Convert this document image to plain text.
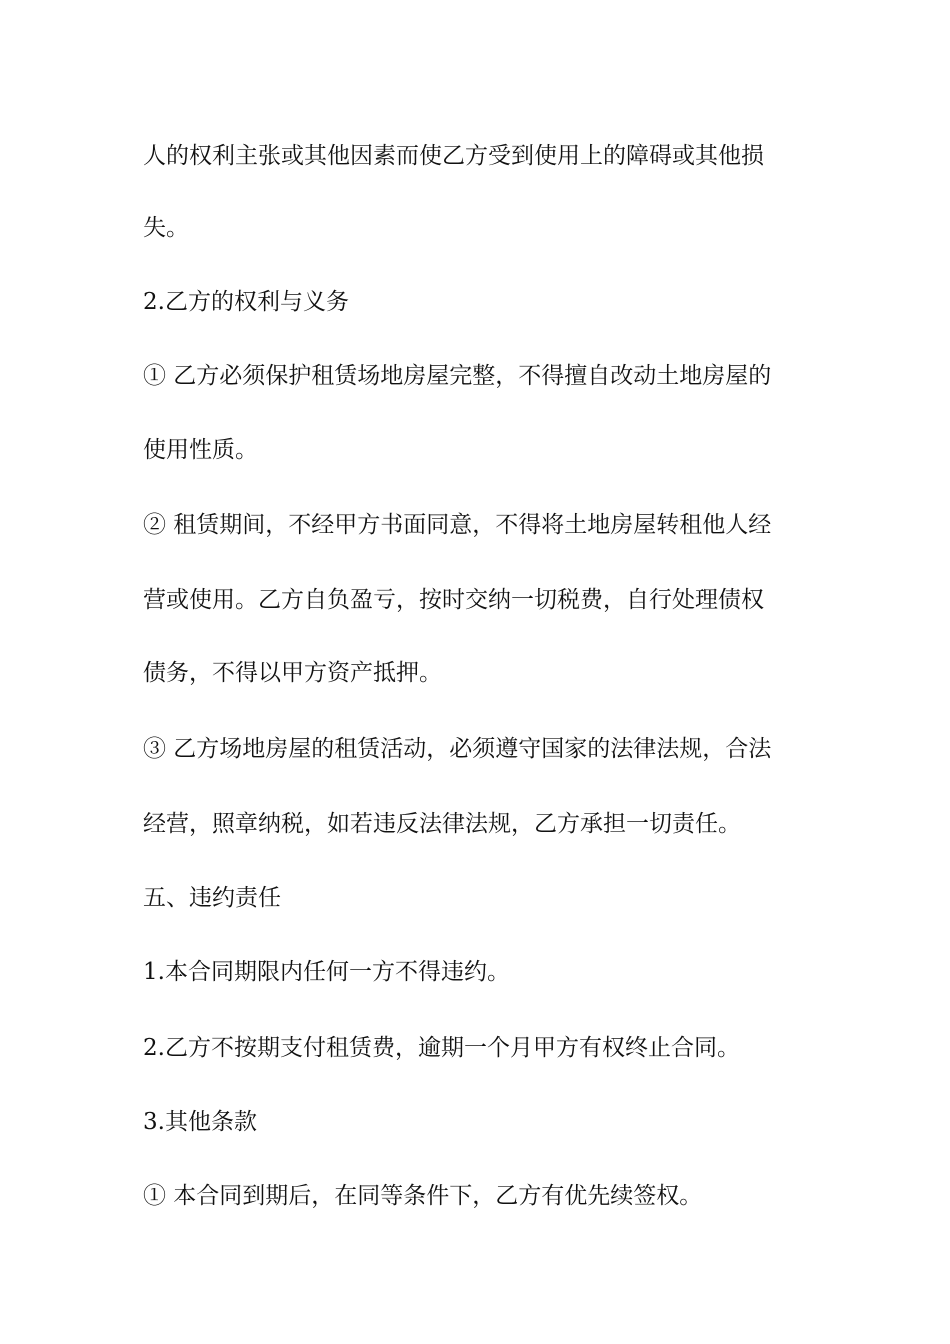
人的权利主张或其他因素而使乙方受到使用上的障碍或其他损
失。
2.乙方的权利与义务
① 乙方必须保护租赁场地房屋完整，不得擅自改动土地房屋的
使用性质。
② 租赁期间，不经甲方书面同意，不得将土地房屋转租他人经
营或使用。乙方自负盈亏，按时交纳一切税费，自行处理债权
债务，不得以甲方资产抵押。
③ 乙方场地房屋的租赁活动，必须遵守国家的法律法规，合法
经营，照章纳税，如若违反法律法规，乙方承担一切责任。
五、违约责任
1.本合同期限内任何一方不得违约。
2.乙方不按期支付租赁费，逾期一个月甲方有权终止合同。
3.其他条款
① 本合同到期后，在同等条件下，乙方有优先续签权。
